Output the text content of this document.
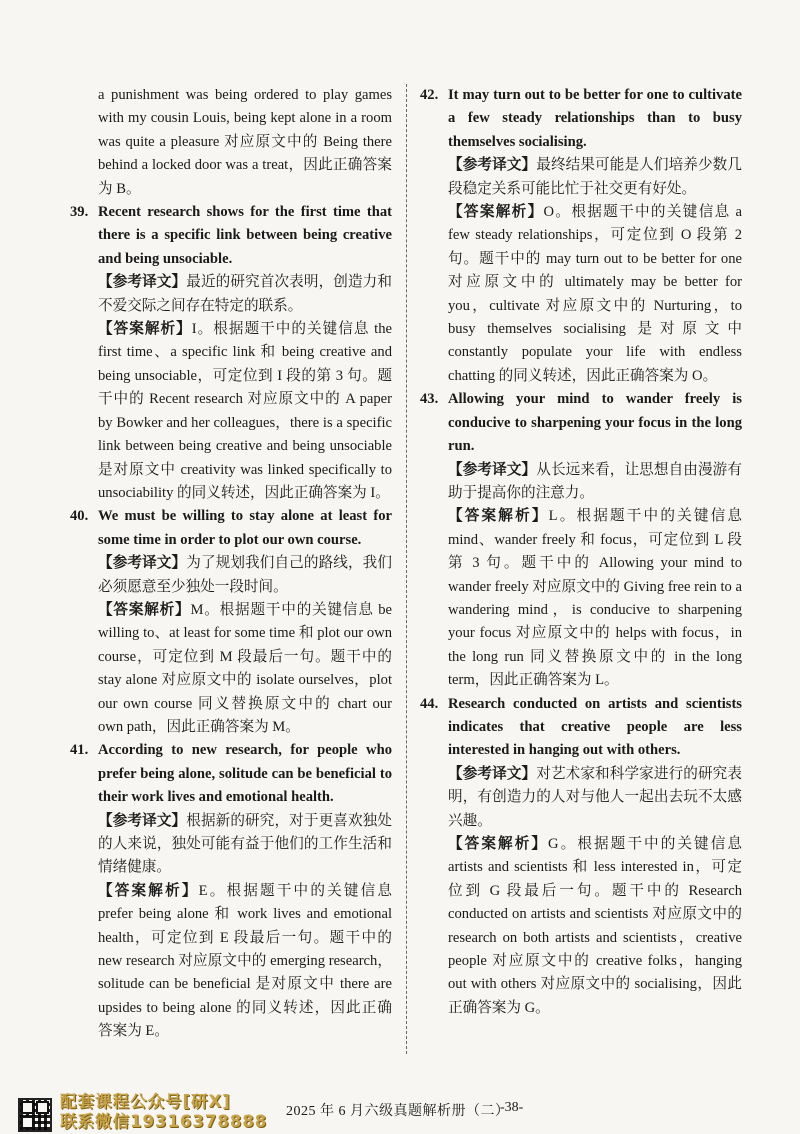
a punishment was being ordered to play games with my cousin Louis, being kept alone in a room was quite a pleasure 对应原文中的 Being there behind a locked door was a treat，因此正确答案为 B。

39. Recent research shows for the first time that there is a specific link between being creative and being unsociable.

【参考译文】最近的研究首次表明，创造力和不爱交际之间存在特定的联系。

【答案解析】I。根据题干中的关键信息 the first time、a specific link 和 being creative and being unsociable，可定位到 I 段的第 3 句。题干中的 Recent research 对应原文中的 A paper by Bowker and her colleagues，there is a specific link between being creative and being unsociable 是对原文中 creativity was linked specifically to unsociability 的同义转述，因此正确答案为 I。

40. We must be willing to stay alone at least for some time in order to plot our own course.

【参考译文】为了规划我们自己的路线，我们必须愿意至少独处一段时间。

【答案解析】M。根据题干中的关键信息 be willing to、at least for some time 和 plot our own course，可定位到 M 段最后一句。题干中的 stay alone 对应原文中的 isolate ourselves，plot our own course 同义替换原文中的 chart our own path，因此正确答案为 M。

41. According to new research, for people who prefer being alone, solitude can be beneficial to their work lives and emotional health.

【参考译文】根据新的研究，对于更喜欢独处的人来说，独处可能有益于他们的工作生活和情绪健康。

【答案解析】E。根据题干中的关键信息 prefer being alone 和 work lives and emotional health，可定位到 E 段最后一句。题干中的 new research 对应原文中的 emerging research，solitude can be beneficial 是对原文中 there are upsides to being alone 的同义转述，因此正确答案为 E。

42. It may turn out to be better for one to cultivate a few steady relationships than to busy themselves socialising.

【参考译文】最终结果可能是人们培养少数几段稳定关系可能比忙于社交更有好处。

【答案解析】O。根据题干中的关键信息 a few steady relationships，可定位到 O 段第 2 句。题干中的 may turn out to be better for one 对应原文中的 ultimately may be better for you，cultivate 对应原文中的 Nurturing，to busy themselves socialising 是对原文中 constantly populate your life with endless chatting 的同义转述，因此正确答案为 O。

43. Allowing your mind to wander freely is conducive to sharpening your focus in the long run.

【参考译文】从长远来看，让思想自由漫游有助于提高你的注意力。

【答案解析】L。根据题干中的关键信息 mind、wander freely 和 focus，可定位到 L 段第 3 句。题干中的 Allowing your mind to wander freely 对应原文中的 Giving free rein to a wandering mind，is conducive to sharpening your focus 对应原文中的 helps with focus，in the long run 同义替换原文中的 in the long term，因此正确答案为 L。

44. Research conducted on artists and scientists indicates that creative people are less interested in hanging out with others.

【参考译文】对艺术家和科学家进行的研究表明，有创造力的人对与他人一起出去玩不太感兴趣。

【答案解析】G。根据题干中的关键信息 artists and scientists 和 less interested in，可定位到 G 段最后一句。题干中的 Research conducted on artists and scientists 对应原文中的 research on both artists and scientists，creative people 对应原文中的 creative folks，hanging out with others 对应原文中的 socialising，因此正确答案为 G。

配套课程公众号[研X]
联系微信19316378888
2025 年 6 月六级真题解析册（二）
-38-
